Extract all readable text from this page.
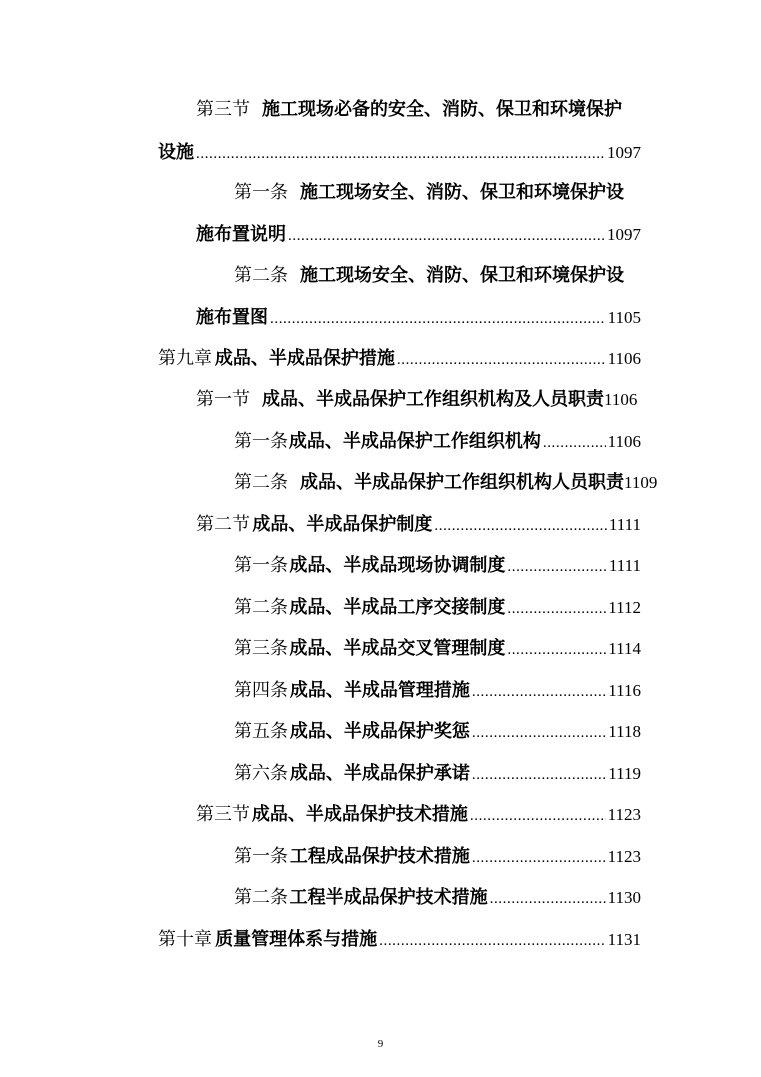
第三节 施工现场必备的安全、消防、保卫和环境保护
设施 .....	1097
第一条 施工现场安全、消防、保卫和环境保护设
施布置说明 .....	1097
第二条 施工现场安全、消防、保卫和环境保护设
施布置图 .....	1105
第九章 成品、半成品保护措施 .....	1106
第一节 成品、半成品保护工作组织机构及人员职责 1106
第一条 成品、半成品保护工作组织机构 .....	1106
第二条 成品、半成品保护工作组织机构人员职责 1109
第二节 成品、半成品保护制度 .....	1111
第一条 成品、半成品现场协调制度 .....	1111
第二条 成品、半成品工序交接制度 .....	1112
第三条 成品、半成品交叉管理制度 .....	1114
第四条 成品、半成品管理措施 .....	1116
第五条 成品、半成品保护奖惩 .....	1118
第六条 成品、半成品保护承诺 .....	1119
第三节 成品、半成品保护技术措施 .....	1123
第一条 工程成品保护技术措施 .....	1123
第二条 工程半成品保护技术措施 .....	1130
第十章 质量管理体系与措施 .....	1131
9
